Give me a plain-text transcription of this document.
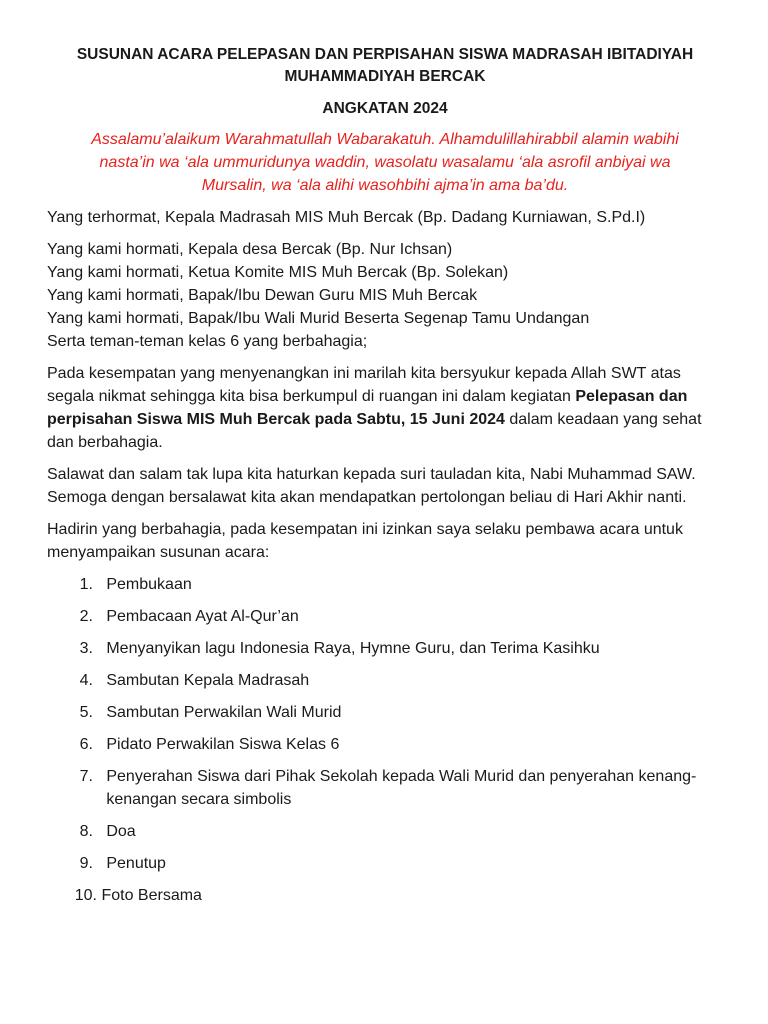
SUSUNAN ACARA PELEPASAN DAN PERPISAHAN SISWA MADRASAH IBITADIYAH
MUHAMMADIYAH BERCAK

ANGKATAN 2024

Assalamu’alaikum Warahmatullah Wabarakatuh. Alhamdulillahirabbil alamin wabihi
nasta’in wa ‘ala ummuridunya waddin, wasolatu wasalamu ‘ala asrofil anbiyai wa
Mursalin, wa ‘ala alihi wasohbihi ajma’in ama ba’du.

Yang terhormat, Kepala Madrasah MIS Muh Bercak (Bp. Dadang Kurniawan, S.Pd.I)

Yang kami hormati, Kepala desa Bercak (Bp. Nur Ichsan)
Yang kami hormati, Ketua Komite MIS Muh Bercak (Bp. Solekan)
Yang kami hormati, Bapak/Ibu Dewan Guru MIS Muh Bercak
Yang kami hormati, Bapak/Ibu Wali Murid Beserta Segenap Tamu Undangan
Serta teman-teman kelas 6 yang berbahagia;

Pada kesempatan yang menyenangkan ini marilah kita bersyukur kepada Allah SWT atas segala nikmat sehingga kita bisa berkumpul di ruangan ini dalam kegiatan Pelepasan dan perpisahan Siswa MIS Muh Bercak pada Sabtu, 15 Juni 2024 dalam keadaan yang sehat dan berbahagia.

Salawat dan salam tak lupa kita haturkan kepada suri tauladan kita, Nabi Muhammad SAW. Semoga dengan bersalawat kita akan mendapatkan pertolongan beliau di Hari Akhir nanti.

Hadirin yang berbahagia, pada kesempatan ini izinkan saya selaku pembawa acara untuk menyampaikan susunan acara:

1.
Pembukaan
2.
Pembacaan Ayat Al-Qur’an
3.
Menyanyikan lagu Indonesia Raya, Hymne Guru, dan Terima Kasihku
4.
Sambutan Kepala Madrasah
5.
Sambutan Perwakilan Wali Murid
6.
Pidato Perwakilan Siswa Kelas 6
7.
Penyerahan Siswa dari Pihak Sekolah kepada Wali Murid dan penyerahan kenang-kenangan secara simbolis
8.
Doa
9.
Penutup
10.
Foto Bersama
